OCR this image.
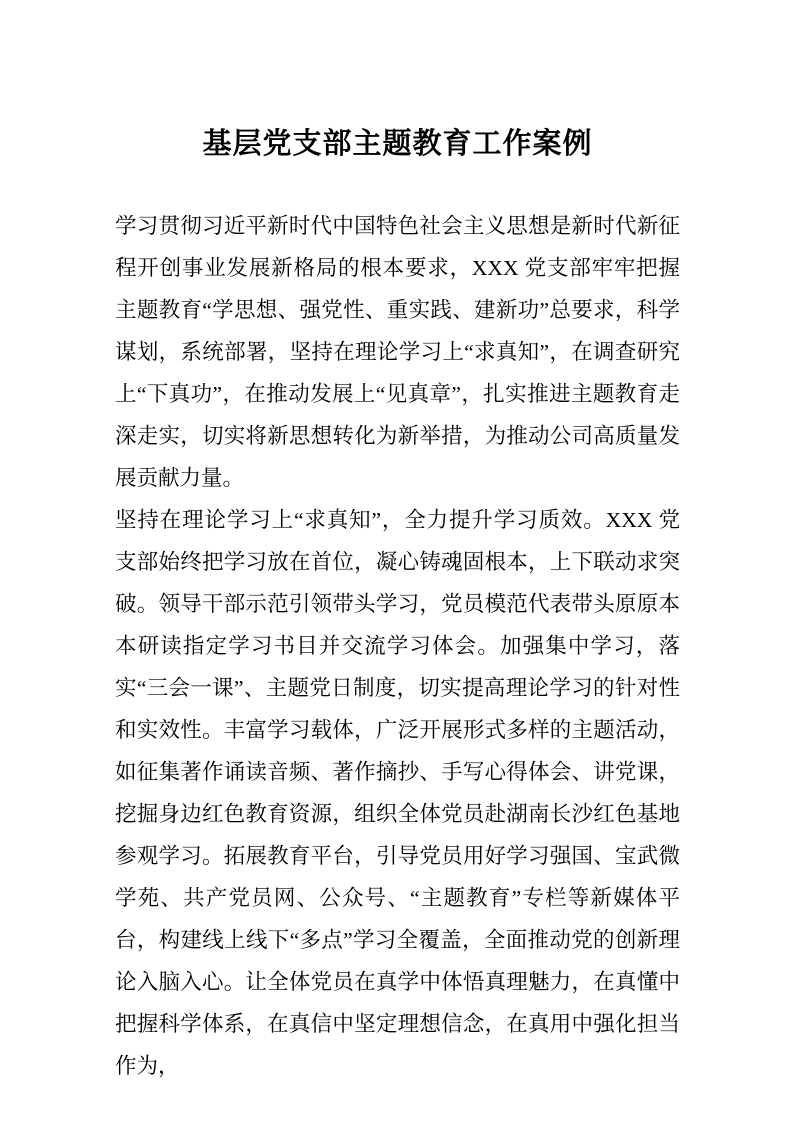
基层党支部主题教育工作案例

学习贯彻习近平新时代中国特色社会主义思想是新时代新征程开创事业发展新格局的根本要求，XXX 党支部牢牢把握主题教育“学思想、强党性、重实践、建新功”总要求，科学谋划，系统部署，坚持在理论学习上“求真知”，在调查研究上“下真功”，在推动发展上“见真章”，扎实推进主题教育走深走实，切实将新思想转化为新举措，为推动公司高质量发展贡献力量。

坚持在理论学习上“求真知”，全力提升学习质效。XXX 党支部始终把学习放在首位，凝心铸魂固根本，上下联动求突破。领导干部示范引领带头学习，党员模范代表带头原原本本研读指定学习书目并交流学习体会。加强集中学习，落实“三会一课”、主题党日制度，切实提高理论学习的针对性和实效性。丰富学习载体，广泛开展形式多样的主题活动，如征集著作诵读音频、著作摘抄、手写心得体会、讲党课，挖掘身边红色教育资源，组织全体党员赴湖南长沙红色基地参观学习。拓展教育平台，引导党员用好学习强国、宝武微学苑、共产党员网、公众号、“主题教育”专栏等新媒体平台，构建线上线下“多点”学习全覆盖，全面推动党的创新理论入脑入心。让全体党员在真学中体悟真理魅力，在真懂中把握科学体系，在真信中坚定理想信念，在真用中强化担当作为，
